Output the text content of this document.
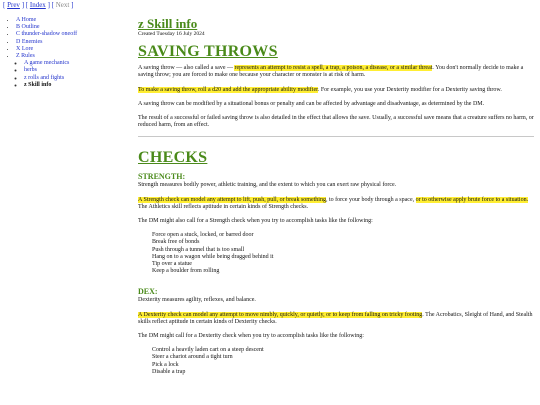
[ Prev ] [ Index ] [ Next ]
• A Home
• B Outline
• C thunder-shadow oneoff
• D Enemies
• X Lore
• Z Rules
◦ A game mechanics
◦ herbs
◦ z rolls and fights
◦ z Skill info
z Skill info
Created Tuesday 16 July 2024
SAVING THROWS

A saving throw — also called a save — represents an attempt to resist a spell, a trap, a poison, a disease, or a similar threat. You don't normally decide to make a saving throw; you are forced to make one because your character or monster is at risk of harm.

To make a saving throw, roll a d20 and add the appropriate ability modifier. For example, you use your Dexterity modifier for a Dexterity saving throw.

A saving throw can be modified by a situational bonus or penalty and can be affected by advantage and disadvantage, as determined by the DM.

The result of a successful or failed saving throw is also detailed in the effect that allows the save. Usually, a successful save means that a creature suffers no harm, or reduced harm, from an effect.

CHECKS
STRENGTH:

Strength measures bodily power, athletic training, and the extent to which you can exert raw physical force.

A Strength check can model any attempt to lift, push, pull, or break something, to force your body through a space, or to otherwise apply brute force to a situation. The Athletics skill reflects aptitude in certain kinds of Strength checks.

The DM might also call for a Strength check when you try to accomplish tasks like the following:

Force open a stuck, locked, or barred door
Break free of bonds
Push through a tunnel that is too small
Hang on to a wagon while being dragged behind it
Tip over a statue
Keep a boulder from rolling
DEX:

Dexterity measures agility, reflexes, and balance.

A Dexterity check can model any attempt to move nimbly, quickly, or quietly, or to keep from falling on tricky footing. The Acrobatics, Sleight of Hand, and Stealth skills reflect aptitude in certain kinds of Dexterity checks.

The DM might call for a Dexterity check when you try to accomplish tasks like the following:

Control a heavily laden cart on a steep descent
Steer a chariot around a tight turn
Pick a lock
Disable a trap
